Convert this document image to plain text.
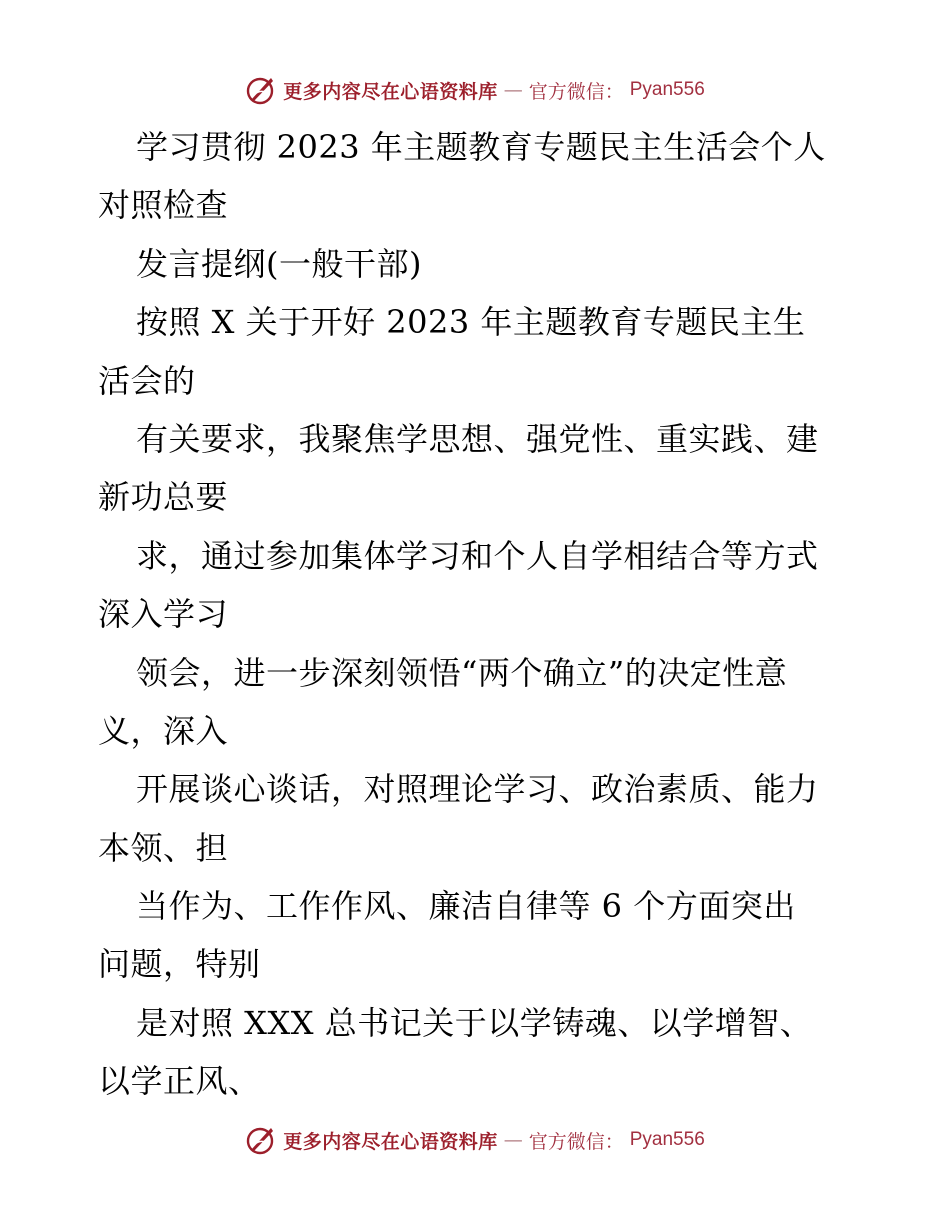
更多内容尽在心语资料库 — 官方微信： Pyan556
学习贯彻 2023 年主题教育专题民主生活会个人
对照检查
发言提纲(一般干部)
按照 X 关于开好 2023 年主题教育专题民主生
活会的
有关要求，我聚焦学思想、强党性、重实践、建
新功总要
求，通过参加集体学习和个人自学相结合等方式
深入学习
领会，进一步深刻领悟“两个确立”的决定性意
义，深入
开展谈心谈话，对照理论学习、政治素质、能力
本领、担
当作为、工作作风、廉洁自律等 6 个方面突出
问题，特别
是对照 XXX 总书记关于以学铸魂、以学增智、
以学正风、
更多内容尽在心语资料库 — 官方微信： Pyan556
